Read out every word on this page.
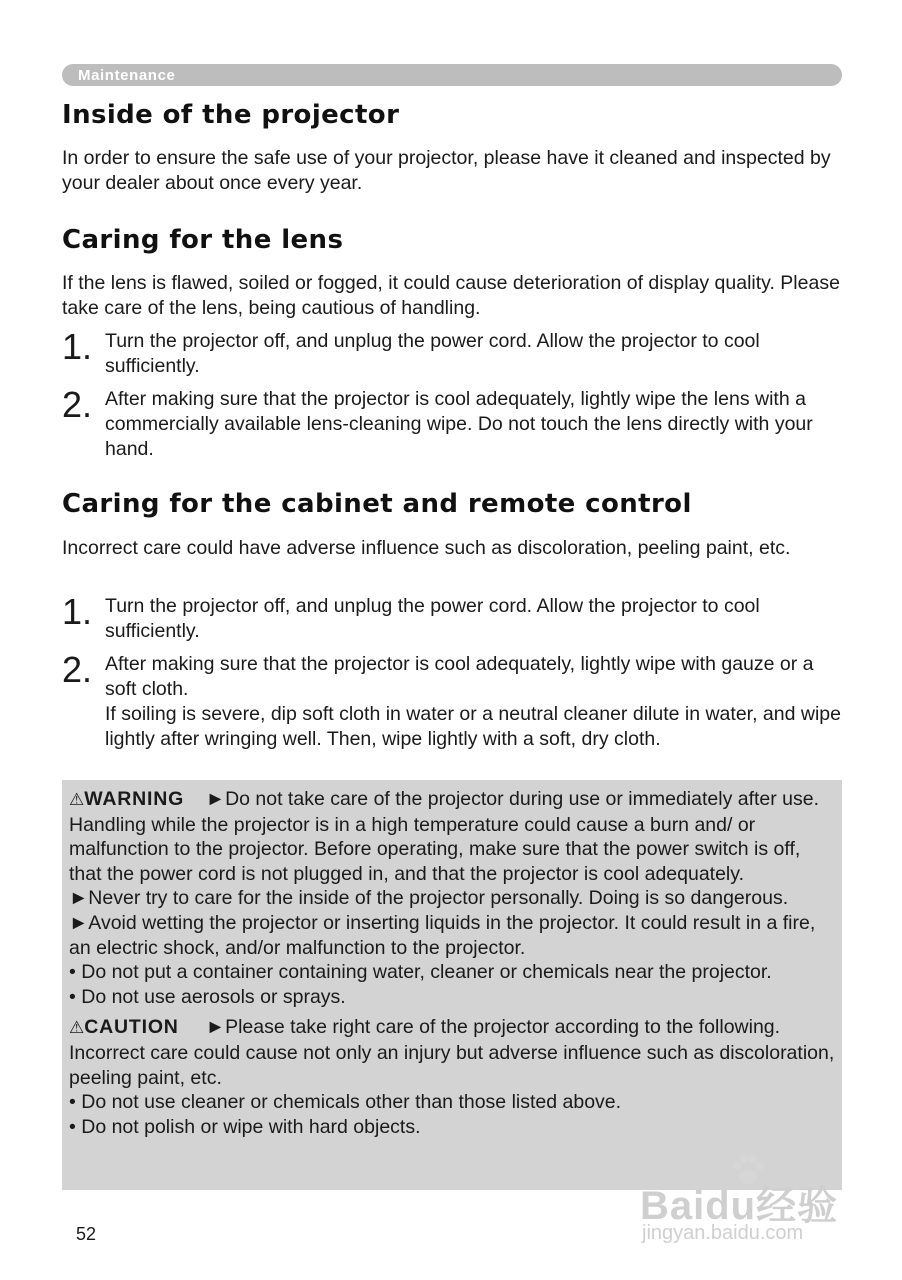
Maintenance
Inside of the projector

In order to ensure the safe use of your projector, please have it cleaned and inspected by your dealer about once every year.

Caring for the lens

If the lens is flawed, soiled or fogged, it could cause deterioration of display quality. Please take care of the lens, being cautious of handling.

1. Turn the projector off, and unplug the power cord. Allow the projector to cool sufficiently.
2. After making sure that the projector is cool adequately, lightly wipe the lens with a commercially available lens-cleaning wipe. Do not touch the lens directly with your hand.
Caring for the cabinet and remote control

Incorrect care could have adverse influence such as discoloration, peeling paint, etc.

1. Turn the projector off, and unplug the power cord. Allow the projector to cool sufficiently.
2. After making sure that the projector is cool adequately, lightly wipe with gauze or a soft cloth.
If soiling is severe, dip soft cloth in water or a neutral cleaner dilute in water, and wipe lightly after wringing well. Then, wipe lightly with a soft, dry cloth.

⚠WARNING ►Do not take care of the projector during use or immediately after use. Handling while the projector is in a high temperature could cause a burn and/ or malfunction to the projector. Before operating, make sure that the power switch is off, that the power cord is not plugged in, and that the projector is cool adequately.

►Never try to care for the inside of the projector personally. Doing is so dangerous.

►Avoid wetting the projector or inserting liquids in the projector. It could result in a fire, an electric shock, and/or malfunction to the projector.

• Do not put a container containing water, cleaner or chemicals near the projector.

• Do not use aerosols or sprays.

⚠CAUTION ►Please take right care of the projector according to the following. Incorrect care could cause not only an injury but adverse influence such as discoloration, peeling paint, etc.

• Do not use cleaner or chemicals other than those listed above.

• Do not polish or wipe with hard objects.

52
Baidu经验
jingyan.baidu.com
